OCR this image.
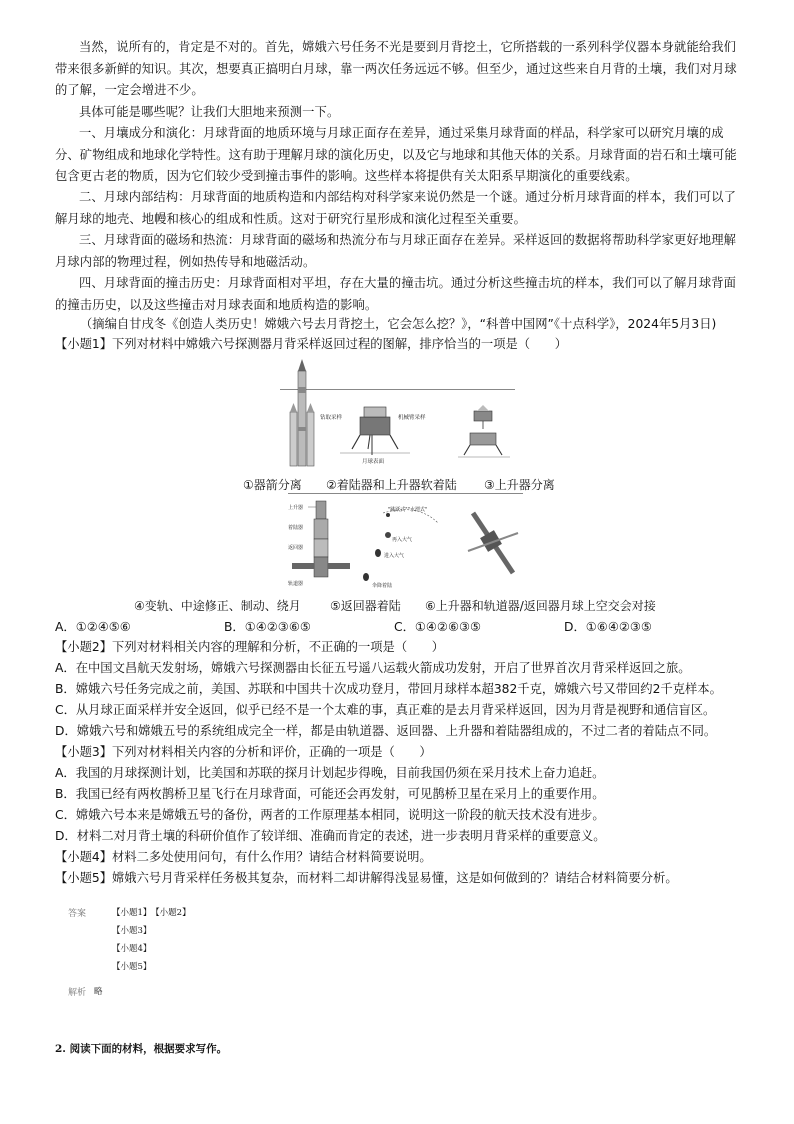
当然，说所有的，肯定是不对的。首先，嫦娥六号任务不光是要到月背挖土，它所搭载的一系列科学仪器本身就能给我们带来很多新鲜的知识。其次，想要真正搞明白月球，靠一两次任务远远不够。但至少，通过这些来自月背的土壤，我们对月球的了解，一定会增进不少。
具体可能是哪些呢？让我们大胆地来预测一下。
一、月壤成分和演化：月球背面的地质环境与月球正面存在差异，通过采集月球背面的样品，科学家可以研究月壤的成分、矿物组成和地球化学特性。这有助于理解月球的演化历史，以及它与地球和其他天体的关系。月球背面的岩石和土壤可能包含更古老的物质，因为它们较少受到撞击事件的影响。这些样本将提供有关太阳系早期演化的重要线索。
二、月球内部结构：月球背面的地质构造和内部结构对科学家来说仍然是一个谜。通过分析月球背面的样本，我们可以了解月球的地壳、地幔和核心的组成和性质。这对于研究行星形成和演化过程至关重要。
三、月球背面的磁场和热流：月球背面的磁场和热流分布与月球正面存在差异。采样返回的数据将帮助科学家更好地理解月球内部的物理过程，例如热传导和地磁活动。
四、月球背面的撞击历史：月球背面相对平坦，存在大量的撞击坑。通过分析这些撞击坑的样本，我们可以了解月球背面的撞击历史，以及这些撞击对月球表面和地质构造的影响。
（摘编自甘戌冬《创造人类历史！嫦娥六号去月背挖土，它会怎么挖？》，“科普中国网”《十点科学》，2024年5月3日)
【小题1】下列对材料中嫦娥六号探测器月背采样返回过程的图解，排序恰当的一项是（　　）
钻取采样	机械臂采样
月球表面
①器箭分离 ②着陆器和上升器软着陆 ③上升器分离
上升器
着陆器
返回器
轨道器
"跳跃式""水漂式"
再入大气
进入大气
伞降着陆
④变轨、中途修正、制动、绕月 ⑤返回器着陆 ⑥上升器和轨道器/返回器月球上空交会对接
A．①②④⑤⑥	B．①④②③⑥⑤	C．①④②⑥③⑤	D．①⑥④②③⑤
【小题2】下列对材料相关内容的理解和分析，不正确的一项是（　　）
A．在中国文昌航天发射场，嫦娥六号探测器由长征五号遥八运载火箭成功发射，开启了世界首次月背采样返回之旅。
B．嫦娥六号任务完成之前，美国、苏联和中国共十次成功登月，带回月球样本超382千克，嫦娥六号又带回约2千克样本。
C．从月球正面采样并安全返回，似乎已经不是一个太难的事，真正难的是去月背采样返回，因为月背是视野和通信盲区。
D．嫦娥六号和嫦娥五号的系统组成完全一样，都是由轨道器、返回器、上升器和着陆器组成的，不过二者的着陆点不同。
【小题3】下列对材料相关内容的分析和评价，正确的一项是（　　）
A．我国的月球探测计划，比美国和苏联的探月计划起步得晚，目前我国仍须在采月技术上奋力追赶。
B．我国已经有两枚鹊桥卫星飞行在月球背面，可能还会再发射，可见鹊桥卫星在采月上的重要作用。
C．嫦娥六号本来是嫦娥五号的备份，两者的工作原理基本相同，说明这一阶段的航天技术没有进步。
D．材料二对月背土壤的科研价值作了较详细、准确而肯定的表述，进一步表明月背采样的重要意义。
【小题4】材料二多处使用问句，有什么作用？请结合材料简要说明。
【小题5】嫦娥六号月背采样任务极其复杂，而材料二却讲解得浅显易懂，这是如何做到的？请结合材料简要分析。
答案	【小题1】 【小题2】
【小题3】
【小题4】
【小题5】
解析 略
2. 阅读下面的材料，根据要求写作。
